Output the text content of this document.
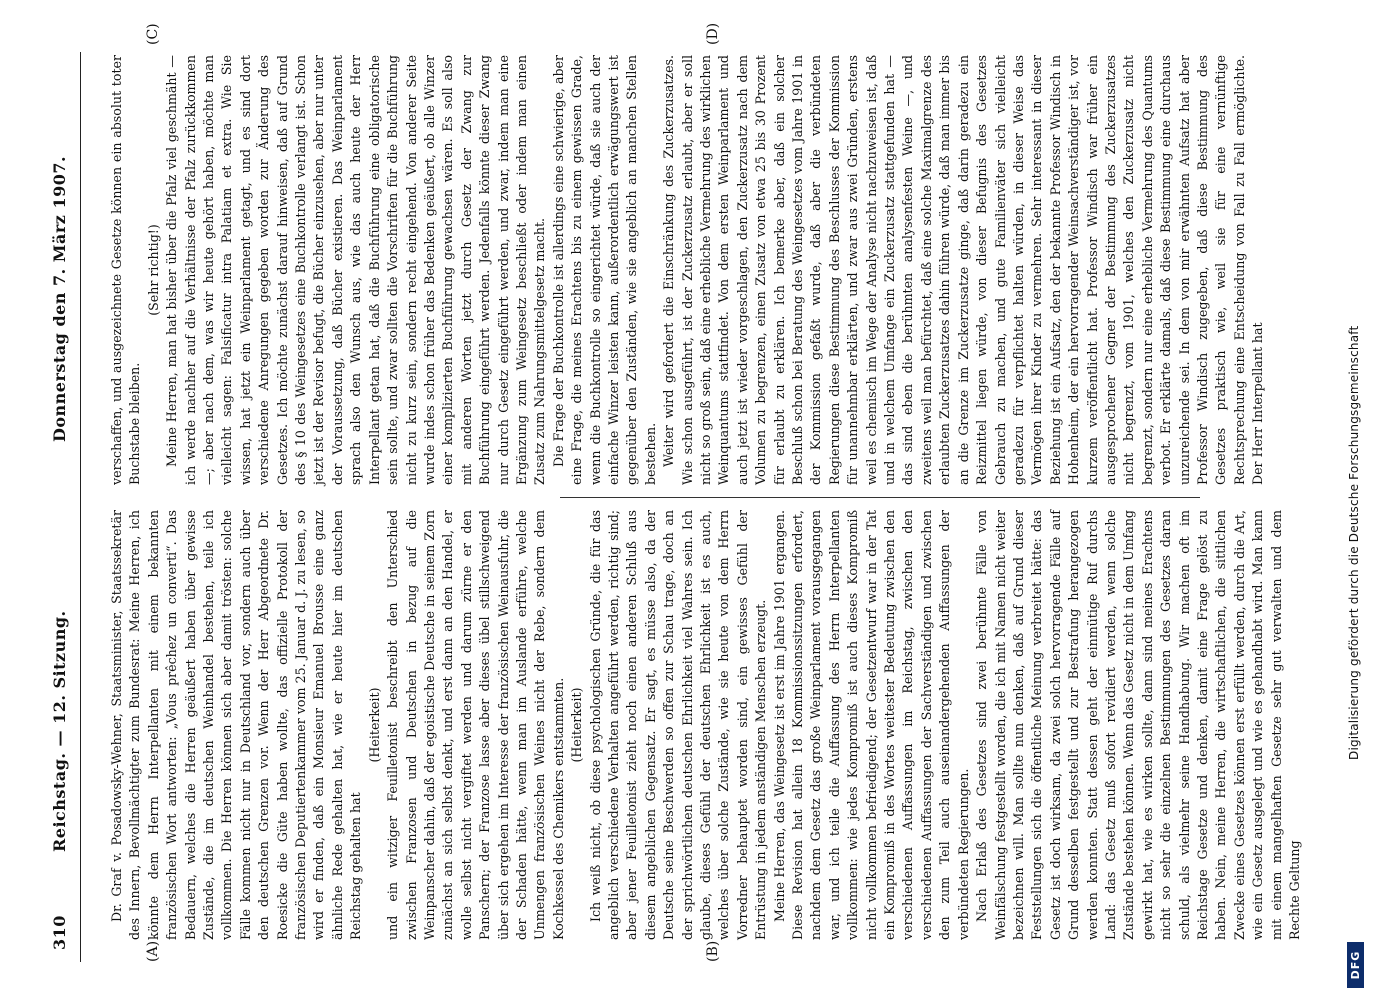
310
Reichstag. — 12. Sitzung.
Donnerstag den 7. März 1907.
(A)	(B)
(C)	(D)

Dr. Graf v. Posadowsky-Wehner, Staatsminister, Staatssekretär des Innern, Bevollmächtigter zum Bundesrat: Meine Herren, ich könnte dem Herrn Interpellanten mit einem bekannten französischen Wort antworten: „Vous prêchez un converti“. Das Bedauern, welches die Herren geäußert haben über gewisse Zustände, die im deutschen Weinhandel bestehen, teile ich vollkommen. Die Herren können sich aber damit trösten: solche Fälle kommen nicht nur in Deutschland vor, sondern auch über den deutschen Grenzen vor. Wenn der Herr Abgeordnete Dr. Roesicke die Güte haben wollte, das offizielle Protokoll der französischen Deputiertenkammer vom 25. Januar d. J. zu lesen, so wird er finden, daß ein Monsieur Emanuel Brousse eine ganz ähnliche Rede gehalten hat, wie er heute hier im deutschen Reichstag gehalten hat

(Heiterkeit) und ein witziger Feuilletonist beschreibt den Unterschied zwischen Franzosen und Deutschen in bezug auf die Weinpanscher dahin, daß der egoistische Deutsche in seinem Zorn zunächst an sich selbst denkt, und erst dann an den Handel, er wolle selbst nicht vergiftet werden und darum zürne er den Panschern; der Franzose lasse aber dieses übel stillschweigend über sich ergehen im Interesse der französischen Weinausfuhr, die der Schaden hätte, wenn man im Auslande erführe, welche Unmengen französischen Weines nicht der Rebe, sondern dem Kochkessel des Chemikers entstammten. (Heiterkeit) Ich weiß nicht, ob diese psychologischen Gründe, die für das angeblich verschiedene Verhalten angeführt werden, richtig sind; aber jener Feuilletonist zieht noch einen anderen Schluß aus diesem angeblichen Gegensatz. Er sagt, es müsse also, da der Deutsche seine Beschwerden so offen zur Schau trage, doch an der sprichwörtlichen deutschen Ehrlichkeit viel Wahres sein. Ich glaube, dieses Gefühl der deutschen Ehrlichkeit ist es auch, welches über solche Zustände, wie sie heute von dem Herrn Vorredner behauptet worden sind, ein gewisses Gefühl der Entrüstung in jedem anständigen Menschen erzeugt. Meine Herren, das Weingesetz ist erst im Jahre 1901 ergangen. Diese Revision hat allein 18 Kommissionssitzungen erfordert, nachdem dem Gesetz das große Weinparlament vorausgegangen war, und ich teile die Auffassung des Herrn Interpellanten vollkommen: wie jedes Kompromiß ist auch dieses Kompromiß nicht vollkommen befriedigend; der Gesetzentwurf war in der Tat ein Kompromiß in des Wortes weitester Bedeutung zwischen den verschiedenen Auffassungen im Reichstag, zwischen den verschiedenen Auffassungen der Sachverständigen und zwischen den zum Teil auch auseinandergehenden Auffassungen der verbündeten Regierungen. Nach Erlaß des Gesetzes sind zwei berühmte Fälle von Weinfälschung festgestellt worden, die ich mit Namen nicht weiter bezeichnen will. Man sollte nun denken, daß auf Grund dieser Feststellungen sich die öffentliche Meinung verbreitet hätte: das Gesetz ist doch wirksam, da zwei solch hervorragende Fälle auf Grund desselben festgestellt und zur Bestrafung herangezogen werden konnten. Statt dessen geht der einmütige Ruf durchs Land: das Gesetz muß sofort revidiert werden, wenn solche Zustände bestehen können. Wenn das Gesetz nicht in dem Umfang gewirkt hat, wie es wirken sollte, dann sind meines Erachtens nicht so sehr die einzelnen Bestimmungen des Gesetzes daran schuld, als vielmehr seine Handhabung. Wir machen oft im Reichstage Gesetze und denken, damit eine Frage gelöst zu haben. Nein, meine Herren, die wirtschaftlichen, die sittlichen Zwecke eines Gesetzes können erst erfüllt werden, durch die Art, wie ein Gesetz ausgelegt und wie es gehandhabt wird. Man kann mit einem mangelhaften Gesetze sehr gut verwalten und dem Rechte Geltung

verschaffen, und ausgezeichnete Gesetze können ein absolut toter Buchstabe bleiben.

(Sehr richtig!) Meine Herren, man hat bisher über die Pfalz viel geschmäht — ich werde nachher auf die Verhältnisse der Pfalz zurückkommen —; aber nach dem, was wir heute gehört haben, möchte man vielleicht sagen: Falsificatur intra Palatiam et extra. Wie Sie wissen, hat jetzt ein Weinparlament getagt, und es sind dort verschiedene Anregungen gegeben worden zur Änderung des Gesetzes. Ich möchte zunächst darauf hinweisen, daß auf Grund des § 10 des Weingesetzes eine Buchkontrolle verlangt ist. Schon jetzt ist der Revisor befugt, die Bücher einzusehen, aber nur unter der Voraussetzung, daß Bücher existieren. Das Weinparlament sprach also den Wunsch aus, wie das auch heute der Herr Interpellant getan hat, daß die Buchführung eine obligatorische sein sollte, und zwar sollten die Vorschriften für die Buchführung nicht zu kurz sein, sondern recht eingehend. Von anderer Seite wurde indes schon früher das Bedenken geäußert, ob alle Winzer einer komplizierten Buchführung gewachsen wären. Es soll also mit anderen Worten jetzt durch Gesetz der Zwang zur Buchführung eingeführt werden. Jedenfalls könnte dieser Zwang nur durch Gesetz eingeführt werden, und zwar, indem man eine Ergänzung zum Weingesetz beschließt oder indem man einen Zusatz zum Nahrungsmittelgesetz macht. Die Frage der Buchkontrolle ist allerdings eine schwierige, aber eine Frage, die meines Erachtens bis zu einem gewissen Grade, wenn die Buchkontrolle so eingerichtet würde, daß sie auch der einfache Winzer leisten kann, außerordentlich erwägungswert ist gegenüber den Zuständen, wie sie angeblich an manchen Stellen bestehen. Weiter wird gefordert die Einschränkung des Zuckerzusatzes. Wie schon ausgeführt, ist der Zuckerzusatz erlaubt, aber er soll nicht so groß sein, daß eine erhebliche Vermehrung des wirklichen Weinquantums stattfindet. Von dem ersten Weinparlament und auch jetzt ist wieder vorgeschlagen, den Zuckerzusatz nach dem Volumen zu begrenzen, einen Zusatz von etwa 25 bis 30 Prozent für erlaubt zu erklären. Ich bemerke aber, daß ein solcher Beschluß schon bei Beratung des Weingesetzes vom Jahre 1901 in der Kommission gefaßt wurde, daß aber die verbündeten Regierungen diese Bestimmung des Beschlusses der Kommission für unannehmbar erklärten, und zwar aus zwei Gründen, erstens weil es chemisch im Wege der Analyse nicht nachzuweisen ist, daß und in welchem Umfange ein Zuckerzusatz stattgefunden hat — das sind eben die berühmten analysenfesten Weine —, und zweitens weil man befürchtet, daß eine solche Maximalgrenze des erlaubten Zuckerzusatzes dahin führen würde, daß man immer bis an die Grenze im Zuckerzusatze ginge, daß darin geradezu ein Reizmittel liegen würde, von dieser Befugnis des Gesetzes Gebrauch zu machen, und gute Familienväter sich vielleicht geradezu für verpflichtet halten würden, in dieser Weise das Vermögen ihrer Kinder zu vermehren. Sehr interessant in dieser Beziehung ist ein Aufsatz, den der bekannte Professor Windisch in Hohenheim, der ein hervorragender Weinsachverständiger ist, vor kurzem veröffentlicht hat. Professor Windisch war früher ein ausgesprochener Gegner der Bestimmung des Zuckerzusatzes nicht begrenzt, vom 1901, welches den Zuckerzusatz nicht begrenzt, sondern nur eine erhebliche Vermehrung des Quantums verbot. Er erklärte damals, daß diese Bestimmung eine durchaus unzureichende sei. In dem von mir erwähnten Aufsatz hat aber Professor Windisch zugegeben, daß diese Bestimmung des Gesetzes praktisch wie, weil sie für eine vernünftige Rechtsprechung eine Entscheidung von Fall zu Fall ermöglichte. Der Herr Interpellant hat

DFG
Digitalisierung gefördert durch die Deutsche Forschungsgemeinschaft
